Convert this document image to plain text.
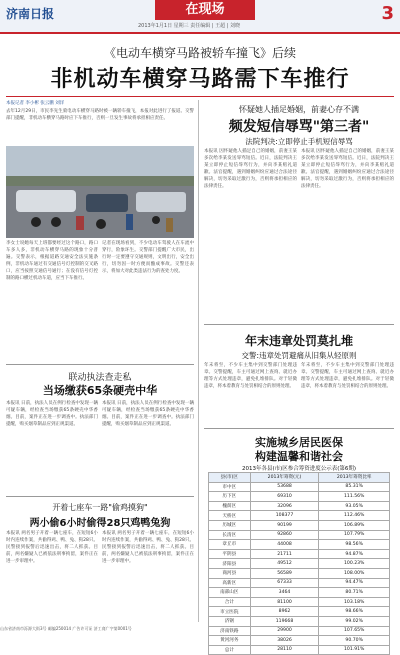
济南日报	在现场
2013年1月1日 星期三 责任编辑 | 王超 | 刘晓
3
《电动车横穿马路被轿车撞飞》后续
非机动车横穿马路需下车推行
本报记者 李小彬 张云鹏 刘洋
去年12月29日，市民李先生骑电动车横穿马路时被一辆轿车撞飞，本报对此进行了报道。交警部门提醒，非机动车横穿马路时应下车推行，否则一旦发生事故将承担相应责任。
李女士说她每天上班都要经过这个路口，路口车多人多，非机动车横穿马路的现象十分普遍。交警表示，根据道路交通安全法实施条例，非机动车通过有交通信号灯控制的交叉路口，应当按照交通信号通行；在没有信号灯控制的路口横过机动车道，应当下车推行。
记者在现场看到，不少电动车驾驶人在车流中穿行，险象环生。交警部门提醒广大市民，出行时一定要遵守交通规则，文明出行，安全出行，切勿因一时方便而酿成事故。交警还表示，将加大对此类违法行为的查处力度。
联动执法查走私
当场缴获65条硬壳中华
本报讯 日前，执法人员在例行检查中发现一辆可疑车辆，经检查当场缴获65条硬壳中华香烟。目前，案件正在进一步调查中。执法部门提醒，购买烟草制品应到正规渠道。
本报讯 日前，执法人员在例行检查中发现一辆可疑车辆，经检查当场缴获65条硬壳中华香烟。目前，案件正在进一步调查中。执法部门提醒，购买烟草制品应到正规渠道。
开着七座车一路"偷鸡摸狗"
两小偷6小时偷得28只鸡鸭兔狗
本报讯 两名男子开着一辆七座车，在短短6小时内连续作案，共偷得鸡、鸭、兔、狗28只。民警接到报警后迅速出击，将二人抓获。目前，两名嫌疑人已被依法刑事拘留，案件正在进一步审理中。
本报讯 两名男子开着一辆七座车，在短短6小时内连续作案，共偷得鸡、鸭、兔、狗28只。民警接到报警后迅速出击，将二人抓获。目前，两名嫌疑人已被依法刑事拘留，案件正在进一步审理中。
怀疑她人插足婚姻，前妻心存不满
频发短信辱骂"第三者"
法院判决:立即停止手机短信辱骂
本报讯 因怀疑他人插足自己的婚姻，前妻王某多次给李某发送辱骂短信。近日，法院判决王某立即停止短信辱骂行为，并向李某赔礼道歉。法官提醒，遇到婚姻纠纷应通过合法途径解决，切勿采取过激行为，否则将承担相应的法律责任。
本报讯 因怀疑他人插足自己的婚姻，前妻王某多次给李某发送辱骂短信。近日，法院判决王某立即停止短信辱骂行为，并向李某赔礼道歉。法官提醒，遇到婚姻纠纷应通过合法途径解决，切勿采取过激行为，否则将承担相应的法律责任。
年末违章处罚莫扎堆
交警:违章处罚避痛从旧集从轻原则
年末将至，不少车主集中到交警部门处理违章。交警提醒，车主可通过网上查询、就近办理等方式处理违章，避免扎堆排队。对于轻微违章，将本着教育与处罚相结合的原则处理。
年末将至，不少车主集中到交警部门处理违章。交警提醒，车主可通过网上查询、就近办理等方式处理违章，避免扎堆排队。对于轻微违章，将本着教育与处罚相结合的原则处理。
实施城乡居民医保
构建温馨和谐社会
2013年各县(市)区参合筹资进度公示表(第6期)
县(市)区	2013年筹资(元)	2013年筹资比率
市中区	53688	85.31%
历下区	69310	111.56%
槐荫区	32096	93.05%
天桥区	108377	112.46%
历城区	90199	106.89%
长清区	92860	107.79%
章丘市	44008	98.56%
平阴县	21711	94.87%
济阳县	49512	100.23%
商河县	56589	108.00%
高新区	67333	94.47%
南部山区	3464	80.71%
合计	81100	103.18%
市立医院	8962	98.66%
济钢	119668	99.02%
济南铁路	29900	107.65%
黄河河务	38026	90.70%
总计	28110	101.91%
山东省济南市泺源大街3号 邮编250014 广告许可证 济工商广字第0001号
